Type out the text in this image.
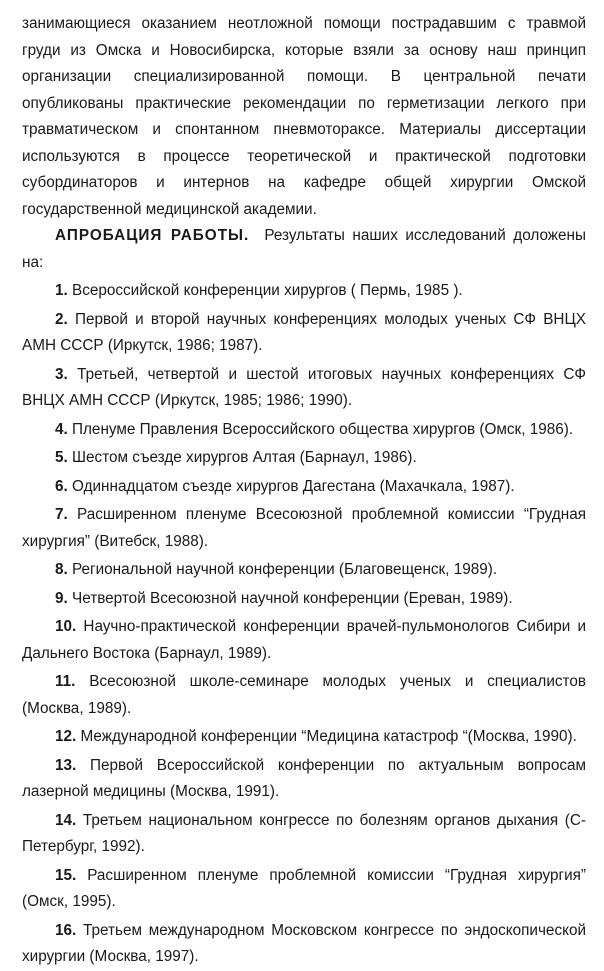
занимающиеся оказанием неотложной помощи пострадавшим с травмой груди из Омска и Новосибирска, которые взяли за основу наш принцип организации специализированной помощи. В центральной печати опубликованы практические рекомендации по герметизации легкого при травматическом и спонтанном пневмотораксе. Материалы диссертации используются в процессе теоретической и практической подготовки субординаторов и интернов на кафедре общей хирургии Омской государственной медицинской академии.

АПРОБАЦИЯ РАБОТЫ. Результаты наших исследований доложены на:

1. Всероссийской конференции хирургов ( Пермь, 1985 ).

2. Первой и второй научных конференциях молодых ученых СФ ВНЦХ АМН СССР (Иркутск, 1986; 1987).

3. Третьей, четвертой и шестой итоговых научных конференциях СФ ВНЦХ АМН СССР (Иркутск, 1985; 1986; 1990).

4. Пленуме Правления Всероссийского общества хирургов (Омск, 1986).

5. Шестом съезде хирургов Алтая (Барнаул, 1986).

6. Одиннадцатом съезде хирургов Дагестана (Махачкала, 1987).

7. Расширенном пленуме Всесоюзной проблемной комиссии “Грудная хирургия” (Витебск, 1988).

8. Региональной научной конференции (Благовещенск, 1989).

9. Четвертой Всесоюзной научной конференции (Ереван, 1989).

10. Научно-практической конференции врачей-пульмонологов Сибири и Дальнего Востока (Барнаул, 1989).

11. Всесоюзной школе-семинаре молодых ученых и специалистов (Москва, 1989).

12. Международной конференции “Медицина катастроф “(Москва, 1990).

13. Первой Всероссийской конференции по актуальным вопросам лазерной медицины (Москва, 1991).

14. Третьем национальном конгрессе по болезням органов дыхания (С-Петербург, 1992).

15. Расширенном пленуме проблемной комиссии “Грудная хирургия” (Омск, 1995).

16. Третьем международном Московском конгрессе по эндоскопической хирургии (Москва, 1997).
